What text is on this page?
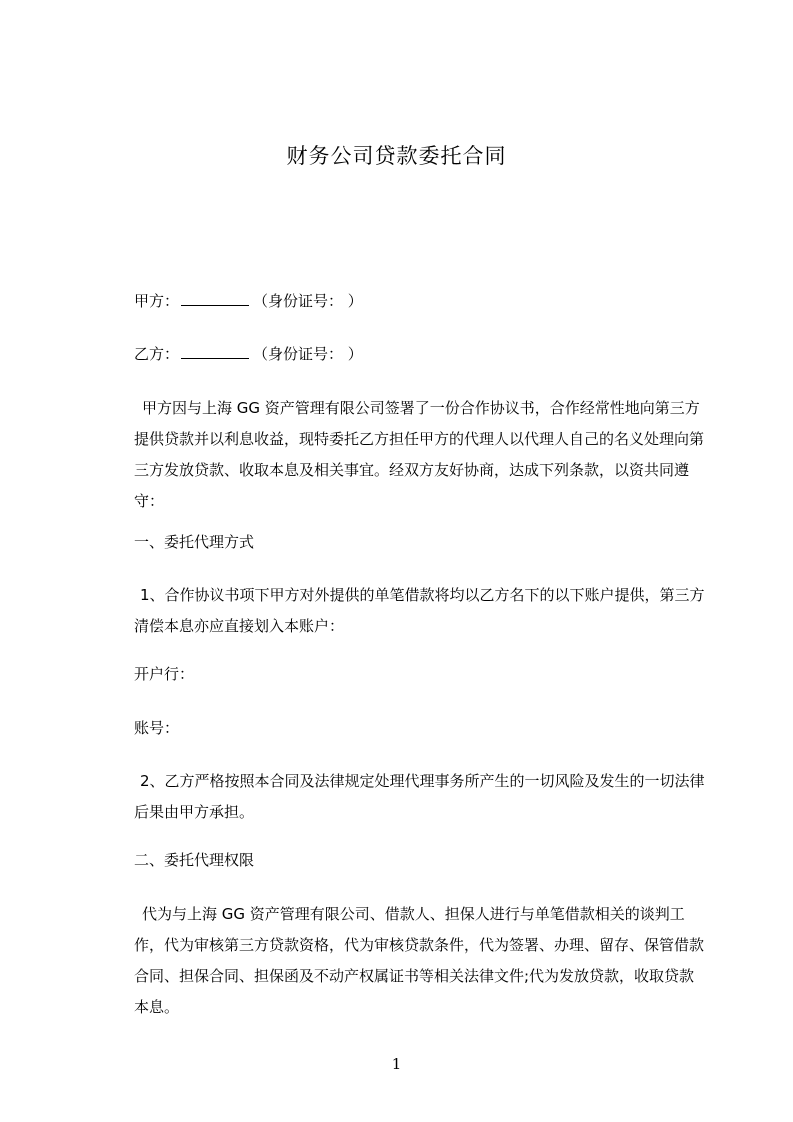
财务公司贷款委托合同
甲方：	（身份证号： ）
乙方：	（身份证号： ）
甲方因与上海 GG 资产管理有限公司签署了一份合作协议书，合作经常性地向第三方提供贷款并以利息收益，现特委托乙方担任甲方的代理人以代理人自己的名义处理向第三方发放贷款、收取本息及相关事宜。经双方友好协商，达成下列条款，以资共同遵守：
一、委托代理方式
1、合作协议书项下甲方对外提供的单笔借款将均以乙方名下的以下账户提供，第三方清偿本息亦应直接划入本账户：
开户行：
账号：
2、乙方严格按照本合同及法律规定处理代理事务所产生的一切风险及发生的一切法律后果由甲方承担。
二、委托代理权限
代为与上海 GG 资产管理有限公司、借款人、担保人进行与单笔借款相关的谈判工作，代为审核第三方贷款资格，代为审核贷款条件，代为签署、办理、留存、保管借款合同、担保合同、担保函及不动产权属证书等相关法律文件;代为发放贷款，收取贷款本息。
1
